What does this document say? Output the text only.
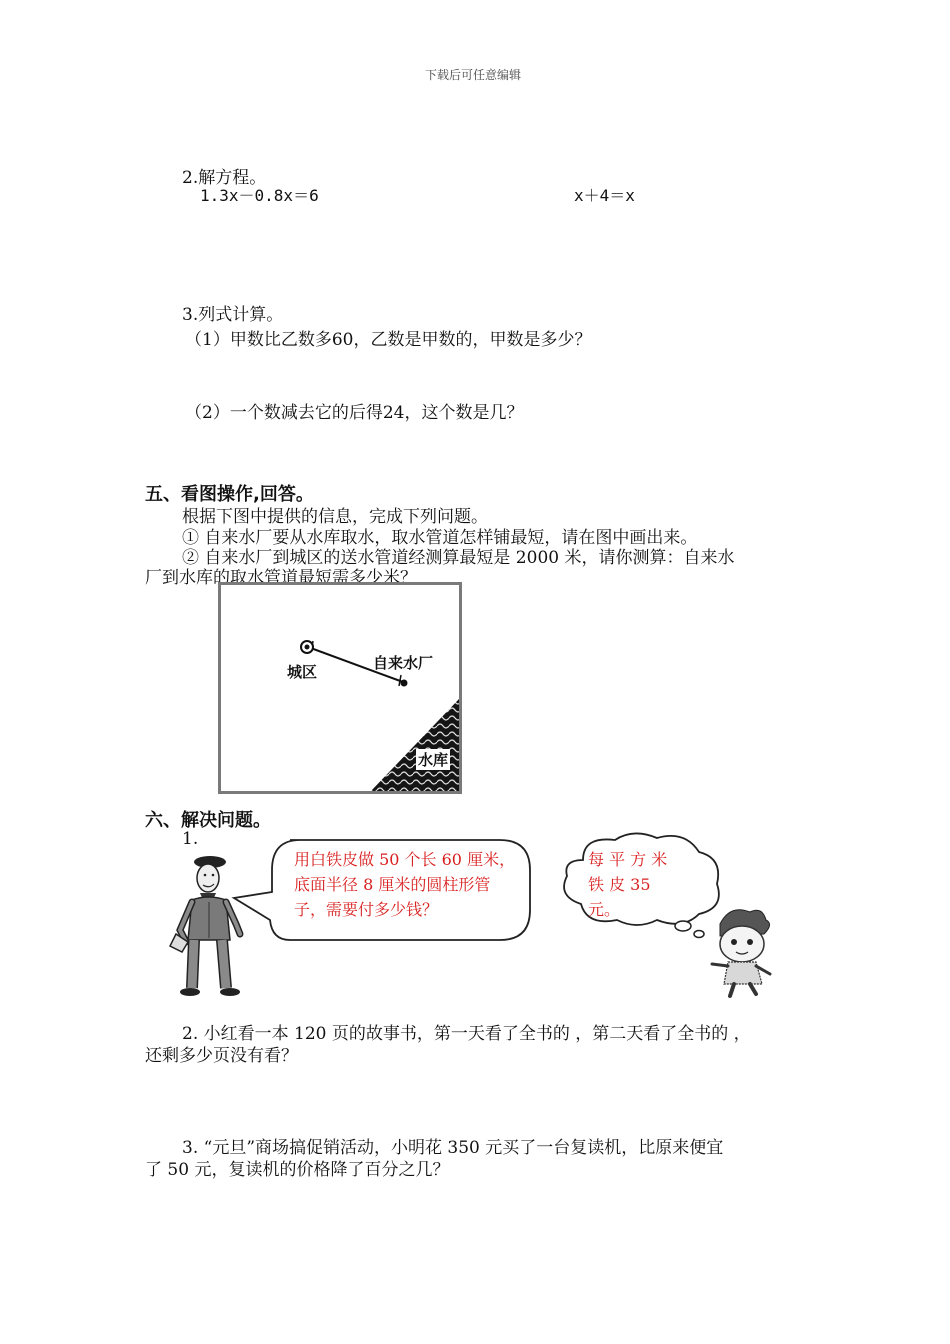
下载后可任意编辑
2.解方程。
1.3x－0.8x＝6	x＋4＝x
3.列式计算。
（1）甲数比乙数多60，乙数是甲数的，甲数是多少？
（2）一个数减去它的后得24，这个数是几？
五、看图操作,回答。
根据下图中提供的信息，完成下列问题。
① 自来水厂要从水库取水，取水管道怎样铺最短，请在图中画出来。
② 自来水厂到城区的送水管道经测算最短是 2000 米，请你测算：自来水
厂到水库的取水管道最短需多少米？
城区	自来水厂
水库
六、解决问题。
1.
用白铁皮做 50 个长 60 厘米，底面半径 8 厘米的圆柱形管子，需要付多少钱？
每 平 方 米 铁 皮 35 元。
2. 小红看一本 120 页的故事书，第一天看了全书的 ，第二天看了全书的 ，
还剩多少页没有看？
3. “元旦”商场搞促销活动，小明花 350 元买了一台复读机，比原来便宜
了 50 元，复读机的价格降了百分之几？
